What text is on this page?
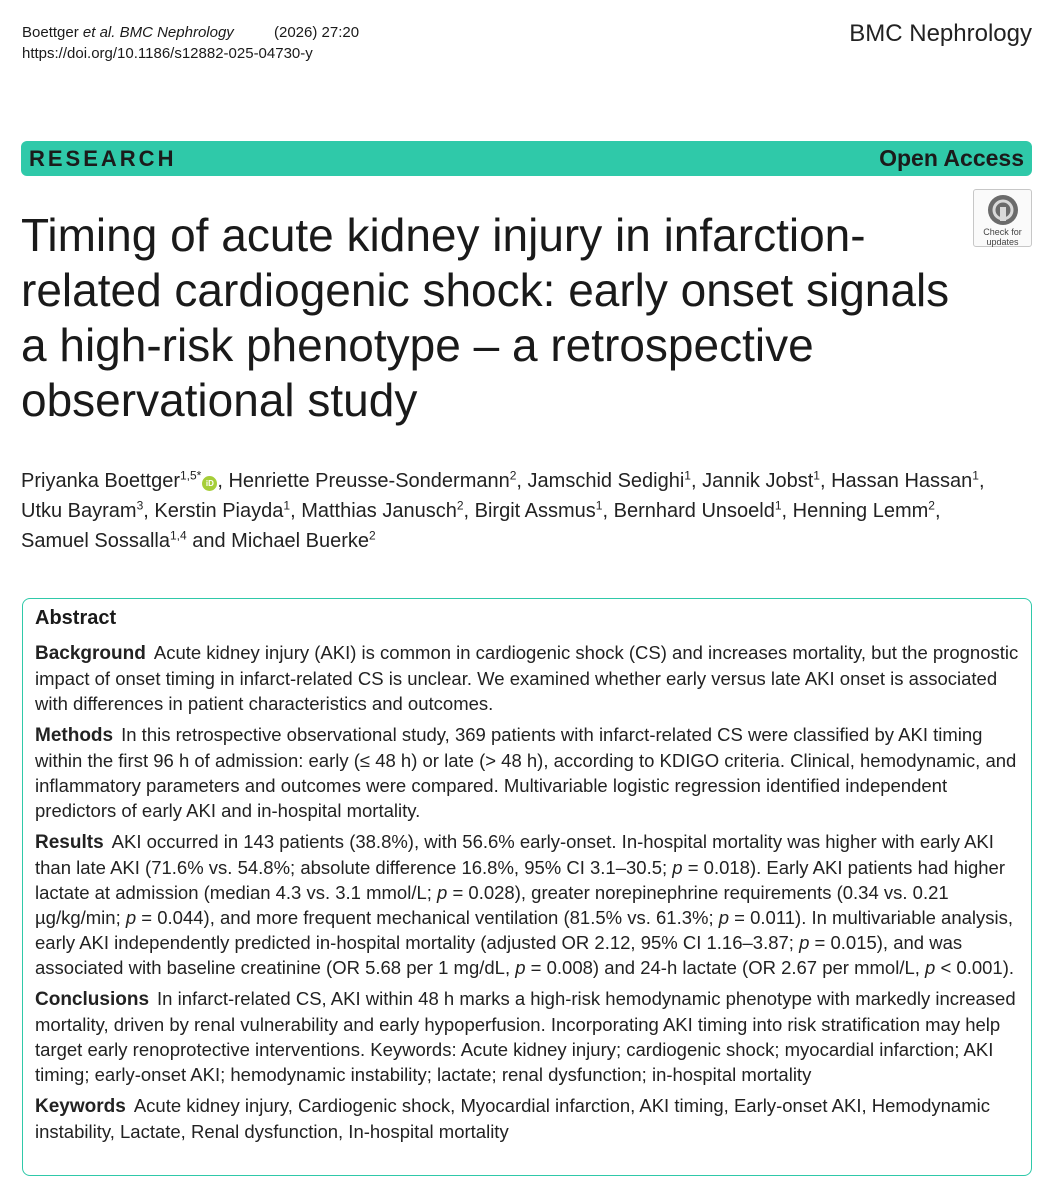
Boettger et al. BMC Nephrology	(2026) 27:20
https://doi.org/10.1186/s12882-025-04730-y
BMC Nephrology
RESEARCH	Open Access
Check for
updates
Timing of acute kidney injury in infarction-
related cardiogenic shock: early onset signals
a high-risk phenotype – a retrospective
observational study
Priyanka Boettger$^{1,5*}$iD , Henriette Preusse-Sondermann$^2$, Jamschid Sedighi$^1$, Jannik Jobst$^1$, Hassan Hassan$^1$,
Utku Bayram$^3$, Kerstin Piayda$^1$, Matthias Janusch$^2$, Birgit Assmus$^1$, Bernhard Unsoeld$^1$, Henning Lemm$^2$,
Samuel Sossalla$^{1,4}$ and Michael Buerke$^2$
Abstract

Background Acute kidney injury (AKI) is common in cardiogenic shock (CS) and increases mortality, but the prognostic impact of onset timing in infarct-related CS is unclear. We examined whether early versus late AKI onset is associated with differences in patient characteristics and outcomes.

Methods In this retrospective observational study, 369 patients with infarct-related CS were classified by AKI timing within the first 96 h of admission: early (≤ 48 h) or late (> 48 h), according to KDIGO criteria. Clinical, hemodynamic, and inflammatory parameters and outcomes were compared. Multivariable logistic regression identified independent predictors of early AKI and in-hospital mortality.

Results AKI occurred in 143 patients (38.8%), with 56.6% early-onset. In-hospital mortality was higher with early AKI than late AKI (71.6% vs. 54.8%; absolute difference 16.8%, 95% CI 3.1–30.5; p = 0.018). Early AKI patients had higher lactate at admission (median 4.3 vs. 3.1 mmol/L; p = 0.028), greater norepinephrine requirements (0.34 vs. 0.21 µg/kg/min; p = 0.044), and more frequent mechanical ventilation (81.5% vs. 61.3%; p = 0.011). In multivariable analysis, early AKI independently predicted in-hospital mortality (adjusted OR 2.12, 95% CI 1.16–3.87; p = 0.015), and was associated with baseline creatinine (OR 5.68 per 1 mg/dL, p = 0.008) and 24-h lactate (OR 2.67 per mmol/L, p < 0.001).

Conclusions In infarct-related CS, AKI within 48 h marks a high-risk hemodynamic phenotype with markedly increased mortality, driven by renal vulnerability and early hypoperfusion. Incorporating AKI timing into risk stratification may help target early renoprotective interventions. Keywords: Acute kidney injury; cardiogenic shock; myocardial infarction; AKI timing; early-onset AKI; hemodynamic instability; lactate; renal dysfunction; in-hospital mortality

Keywords Acute kidney injury, Cardiogenic shock, Myocardial infarction, AKI timing, Early-onset AKI, Hemodynamic instability, Lactate, Renal dysfunction, In-hospital mortality
